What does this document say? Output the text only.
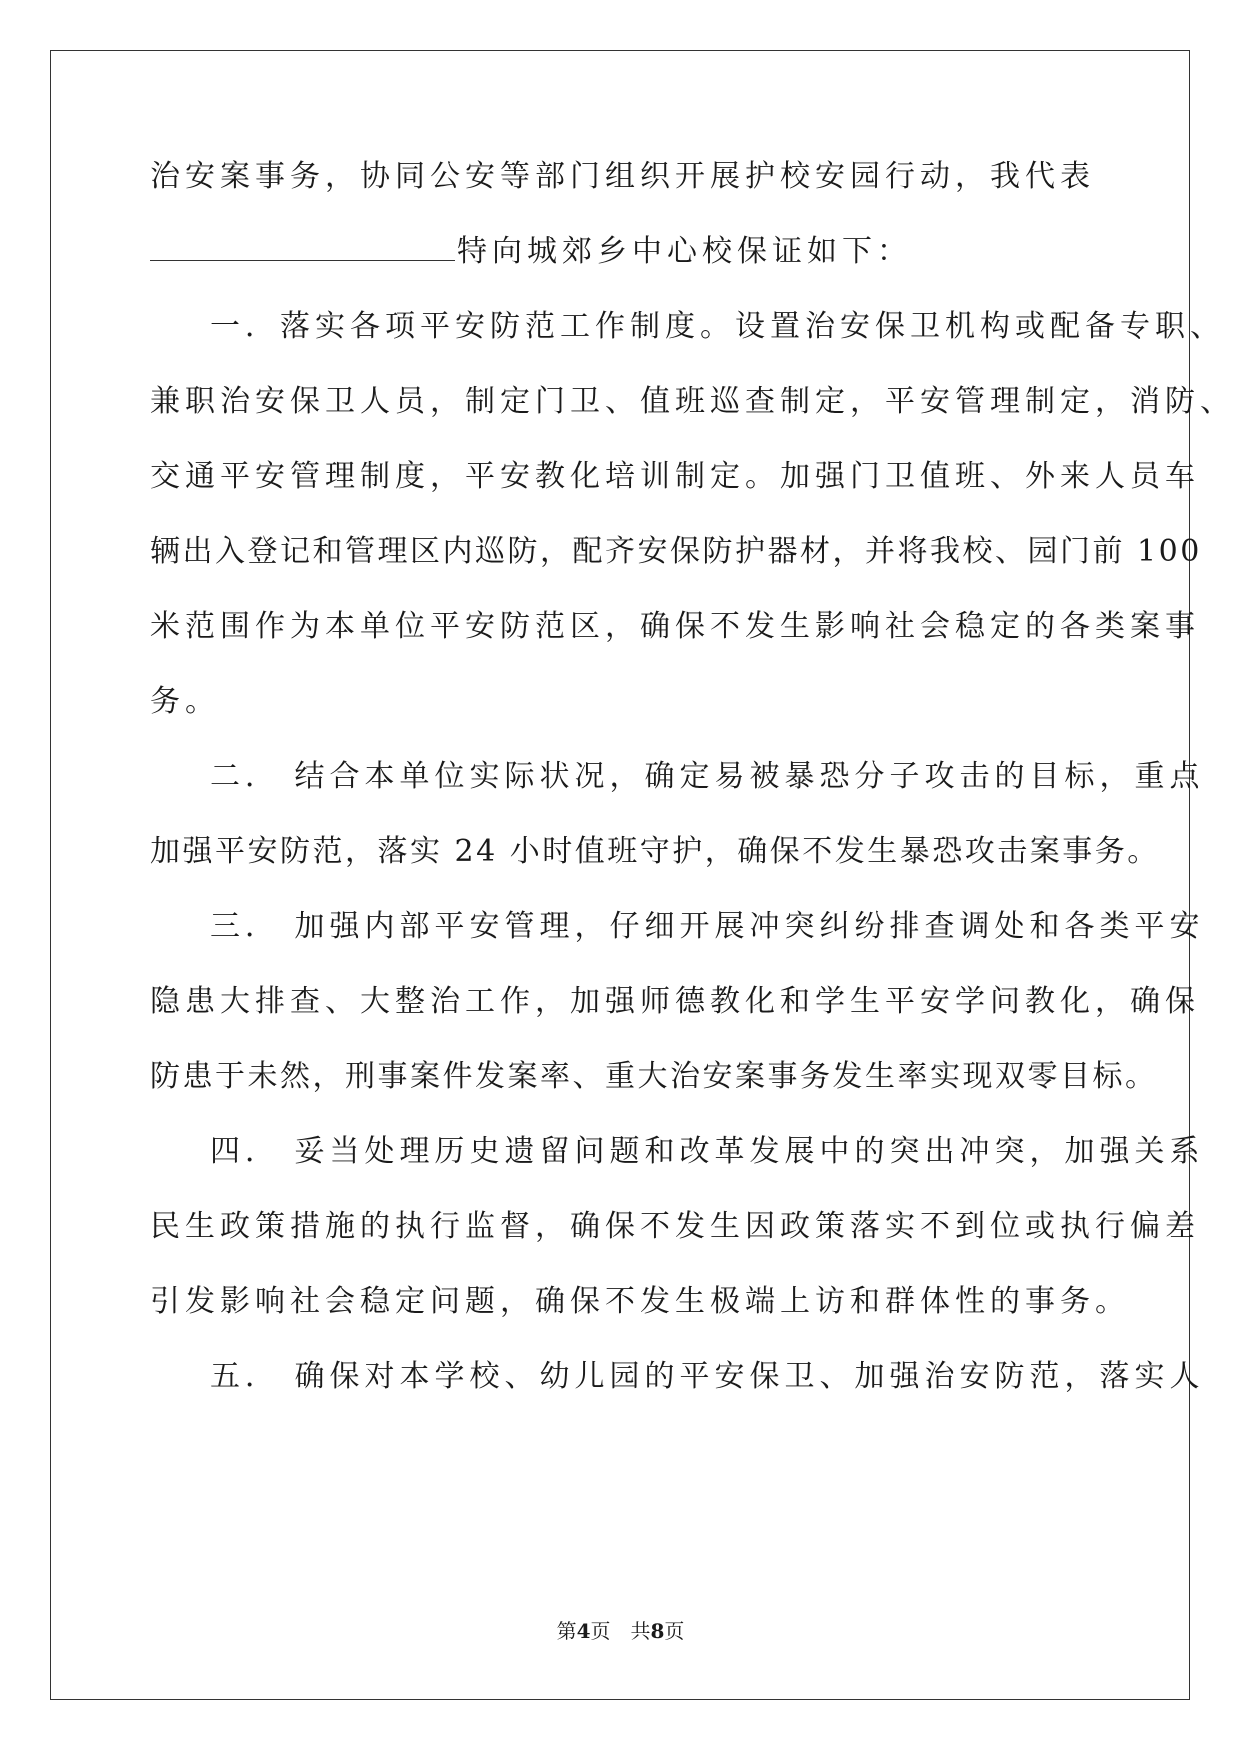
治安案事务，协同公安等部门组织开展护校安园行动，我代表
特向城郊乡中心校保证如下：
一．落实各项平安防范工作制度。设置治安保卫机构或配备专职、
兼职治安保卫人员，制定门卫、值班巡查制定，平安管理制定，消防、
交通平安管理制度，平安教化培训制定。加强门卫值班、外来人员车
辆出入登记和管理区内巡防，配齐安保防护器材，并将我校、园门前 100
米范围作为本单位平安防范区，确保不发生影响社会稳定的各类案事
务。
二． 结合本单位实际状况，确定易被暴恐分子攻击的目标，重点
加强平安防范，落实 24 小时值班守护，确保不发生暴恐攻击案事务。
三． 加强内部平安管理，仔细开展冲突纠纷排查调处和各类平安
隐患大排查、大整治工作，加强师德教化和学生平安学问教化，确保
防患于未然，刑事案件发案率、重大治安案事务发生率实现双零目标。
四． 妥当处理历史遗留问题和改革发展中的突出冲突，加强关系
民生政策措施的执行监督，确保不发生因政策落实不到位或执行偏差
引发影响社会稳定问题，确保不发生极端上访和群体性的事务。
五． 确保对本学校、幼儿园的平安保卫、加强治安防范，落实人
第4页 共8页
